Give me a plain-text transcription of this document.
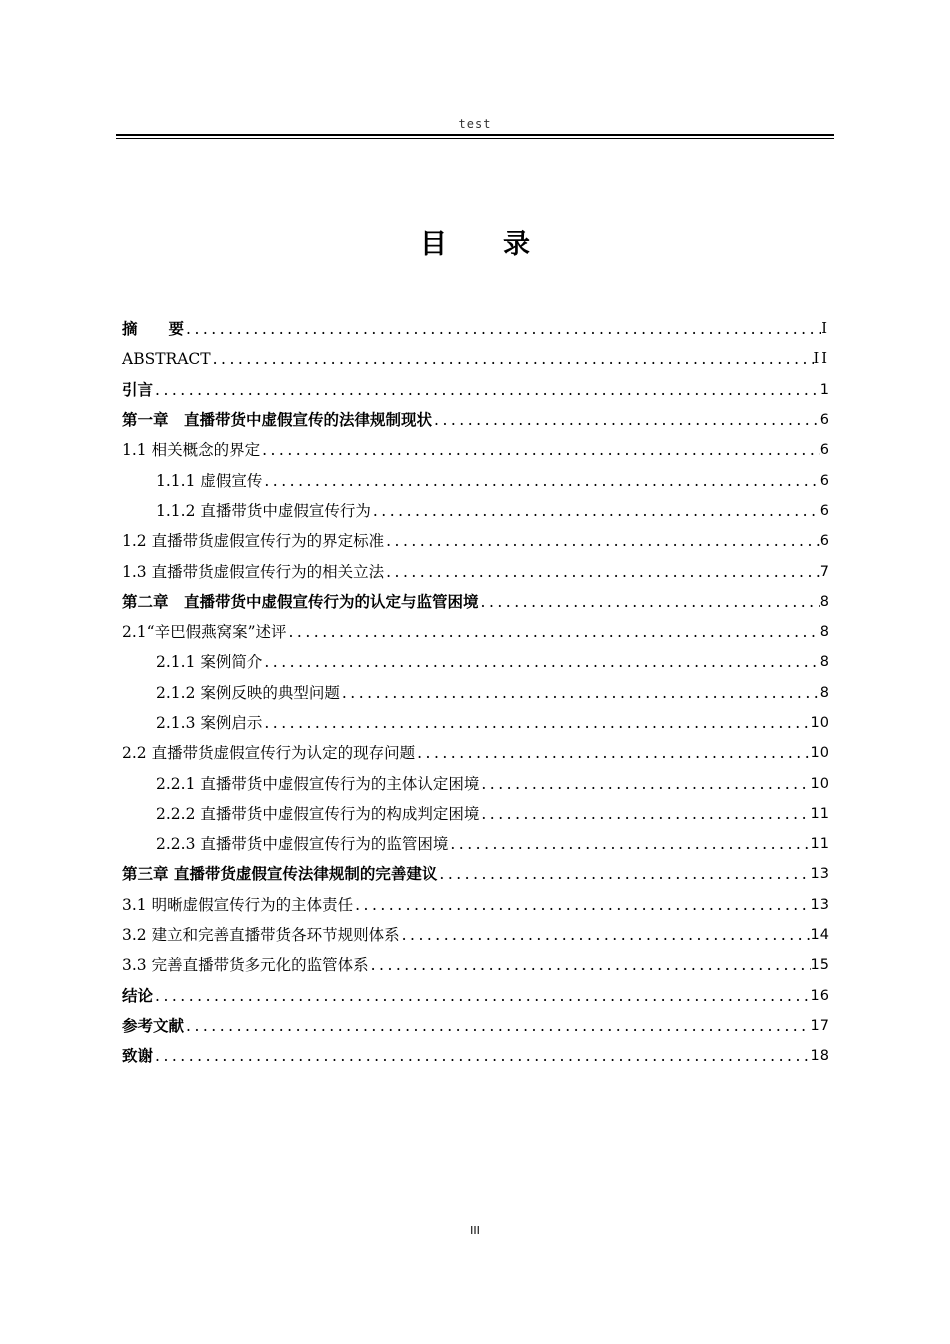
test
目录
摘　　要 .....	I
ABSTRACT .....	II
引言 .....	1
第一章　直播带货中虚假宣传的法律规制现状 .....	6
1.1 相关概念的界定 .....	6
1.1.1 虚假宣传 .....	6
1.1.2 直播带货中虚假宣传行为 .....	6
1.2 直播带货虚假宣传行为的界定标准 .....	6
1.3 直播带货虚假宣传行为的相关立法 .....	7
第二章　直播带货中虚假宣传行为的认定与监管困境 .....	8
2.1“辛巴假燕窝案”述评 .....	8
2.1.1 案例简介 .....	8
2.1.2 案例反映的典型问题 .....	8
2.1.3 案例启示 .....	10
2.2 直播带货虚假宣传行为认定的现存问题 .....	10
2.2.1 直播带货中虚假宣传行为的主体认定困境 .....	10
2.2.2 直播带货中虚假宣传行为的构成判定困境 .....	11
2.2.3 直播带货中虚假宣传行为的监管困境 .....	11
第三章 直播带货虚假宣传法律规制的完善建议 .....	13
3.1 明晰虚假宣传行为的主体责任 .....	13
3.2 建立和完善直播带货各环节规则体系 .....	14
3.3 完善直播带货多元化的监管体系 .....	15
结论 .....	16
参考文献 .....	17
致谢 .....	18
III
